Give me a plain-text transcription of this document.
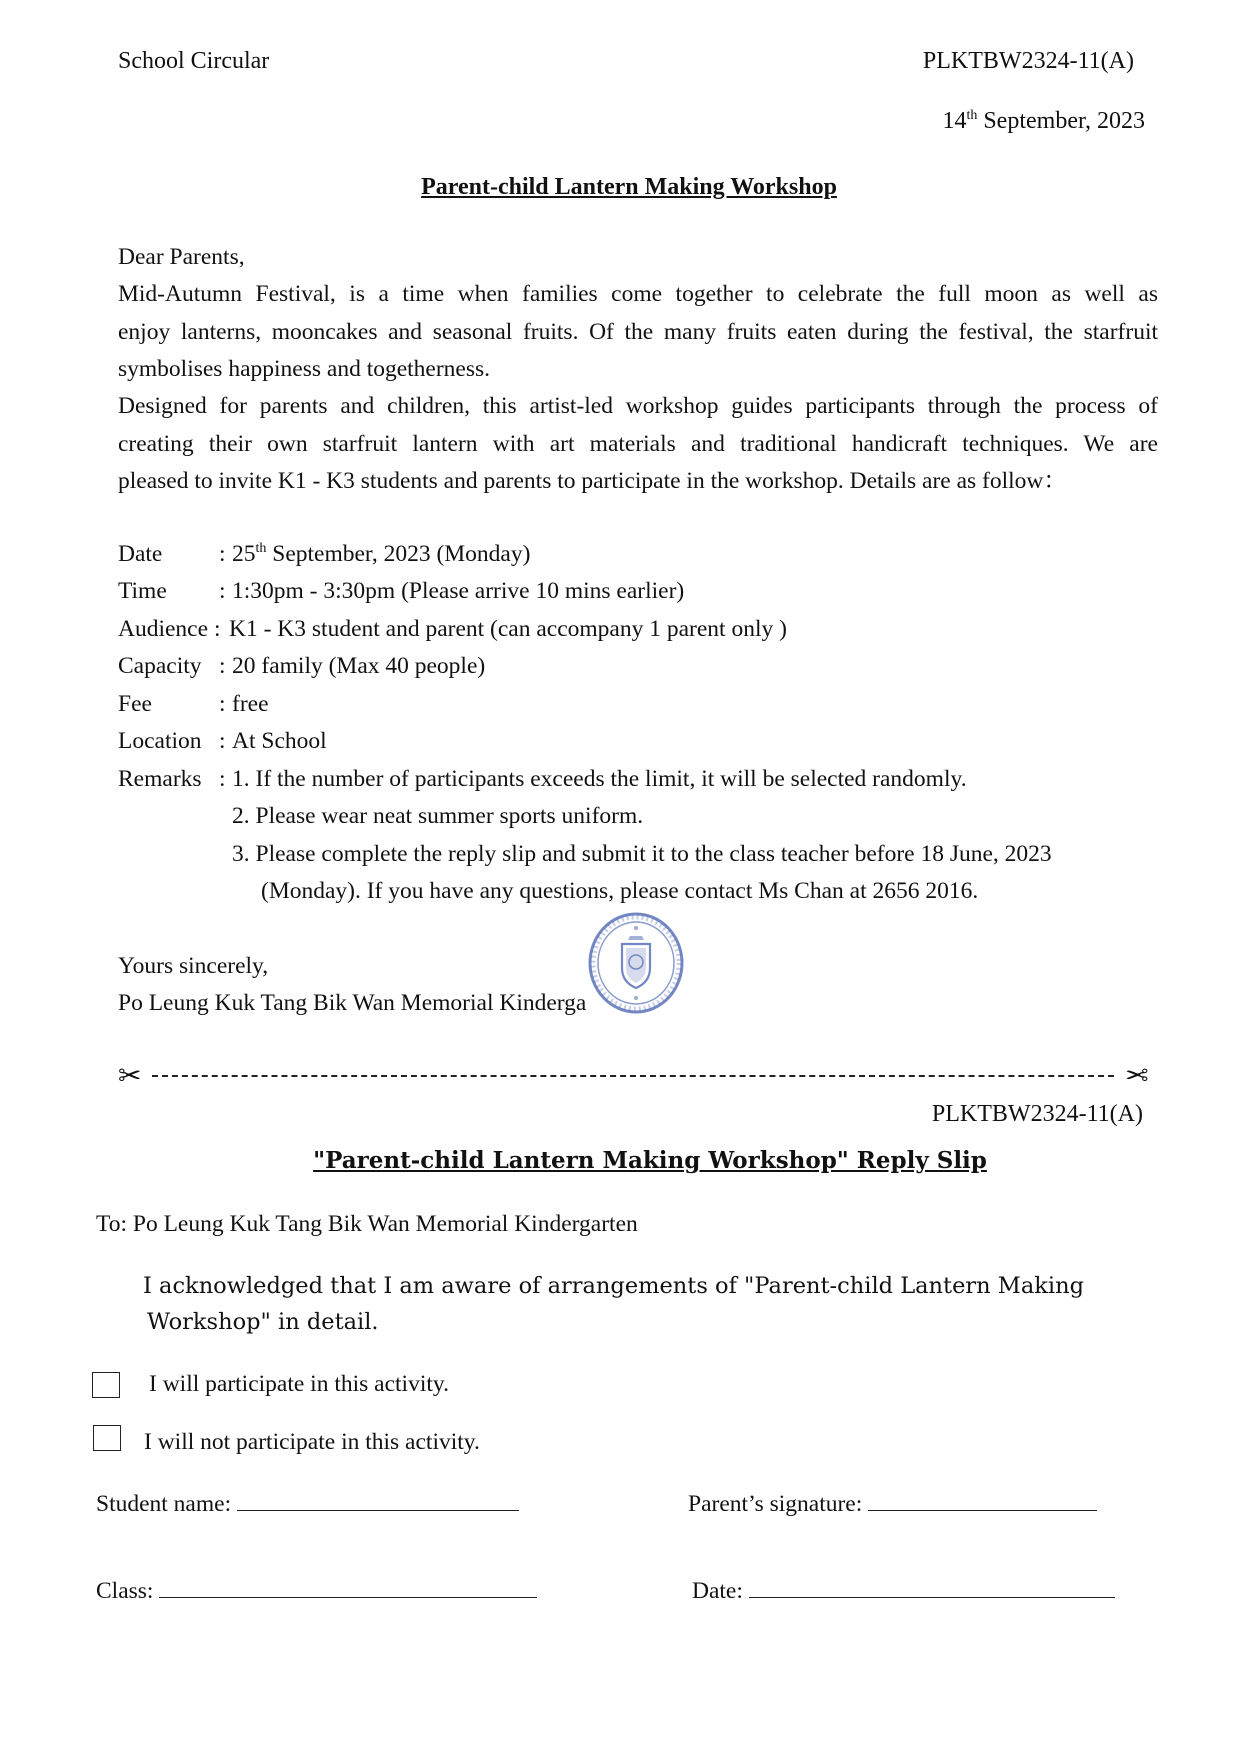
School Circular	PLKTBW2324-11(A)
14th September, 2023
Parent-child Lantern Making Workshop
Dear Parents,
Mid-Autumn Festival, is a time when families come together to celebrate the full moon as well as
enjoy lanterns, mooncakes and seasonal fruits. Of the many fruits eaten during the festival, the starfruit
symbolises happiness and togetherness.
Designed for parents and children, this artist-led workshop guides participants through the process of
creating their own starfruit lantern with art materials and traditional handicraft techniques. We are
pleased to invite K1 - K3 students and parents to participate in the workshop. Details are as follow：
Date : 25th September, 2023 (Monday)
Time : 1:30pm - 3:30pm (Please arrive 10 mins earlier)
Audience : K1 - K3 student and parent (can accompany 1 parent only )
Capacity : 20 family (Max 40 people)
Fee	: free
Location : At School
Remarks : 1. If the number of participants exceeds the limit, it will be selected randomly.
2. Please wear neat summer sports uniform.
3. Please complete the reply slip and submit it to the class teacher before 18 June, 2023
(Monday). If you have any questions, please contact Ms Chan at 2656 2016.
Yours sincerely,
Po Leung Kuk Tang Bik Wan Memorial Kinderga
✂	✂
PLKTBW2324-11(A)
"Parent-child Lantern Making Workshop" Reply Slip
To: Po Leung Kuk Tang Bik Wan Memorial Kindergarten
I acknowledged that I am aware of arrangements of "Parent-child Lantern Making
Workshop" in detail.
I will participate in this activity.
I will not participate in this activity.
Student name:	Parent’s signature:
Class:	Date:
